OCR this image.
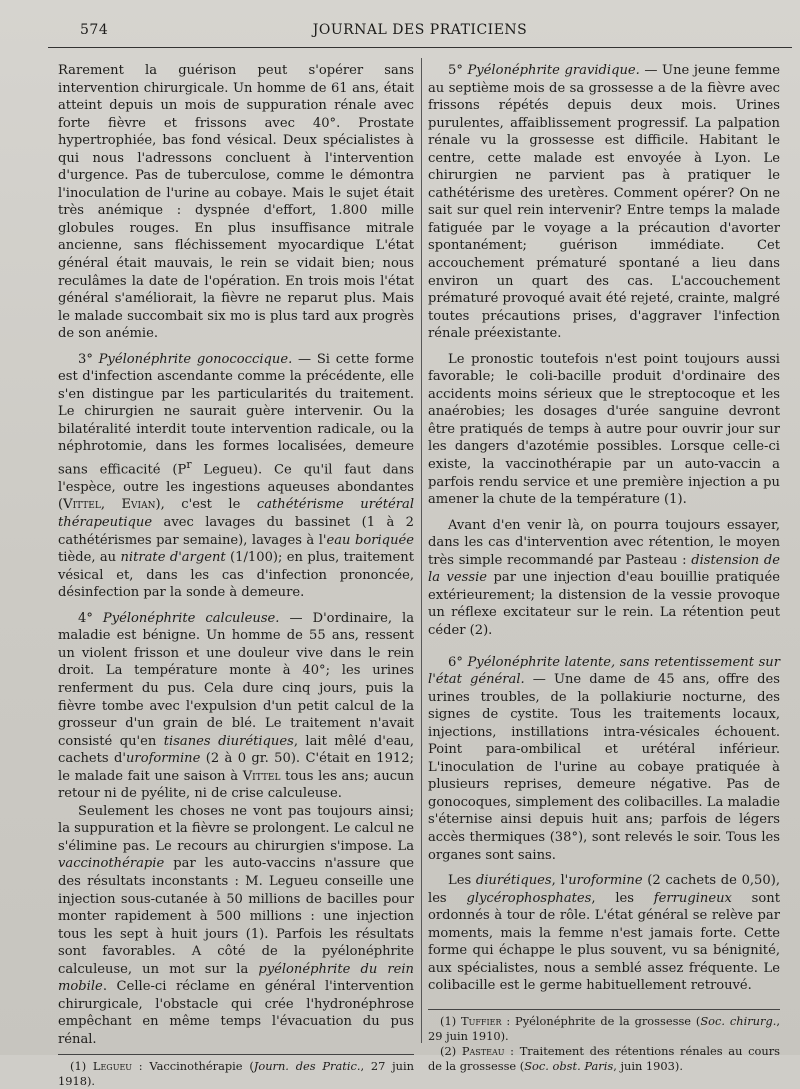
574	JOURNAL DES PRATICIENS

Rarement la guérison peut s'opérer sans intervention chirurgicale. Un homme de 61 ans, était atteint depuis un mois de suppuration rénale avec forte fièvre et frissons avec 40°. Prostate hypertrophiée, bas fond vésical. Deux spécialistes à qui nous l'adressons concluent à l'intervention d'urgence. Pas de tuberculose, comme le démontra l'inoculation de l'urine au cobaye. Mais le sujet était très anémique : dyspnée d'effort, 1.800 mille globules rouges. En plus insuffisance mitrale ancienne, sans fléchissement myocardique L'état général était mauvais, le rein se vidait bien; nous reculâmes la date de l'opération. En trois mois l'état général s'améliorait, la fièvre ne reparut plus. Mais le malade succombait six mo is plus tard aux progrès de son anémie.

3° Pyélonéphrite gonococcique. — Si cette forme est d'infection ascendante comme la précédente, elle s'en distingue par les particularités du traitement. Le chirurgien ne saurait guère intervenir. Ou la bilatéralité interdit toute intervention radicale, ou la néphrotomie, dans les formes localisées, demeure sans efficacité ($P^r$ Legueu). Ce qu'il faut dans l'espèce, outre les ingestions aqueuses abondantes (Vittel, Evian), c'est le cathétérisme urétéral thérapeutique avec lavages du bassinet (1 à 2 cathétérismes par semaine), lavages à l'eau boriquée tiède, au nitrate d'argent (1/100); en plus, traitement vésical et, dans les cas d'infection prononcée, désinfection par la sonde à demeure.

4° Pyélonéphrite calculeuse. — D'ordinaire, la maladie est bénigne. Un homme de 55 ans, ressent un violent frisson et une douleur vive dans le rein droit. La température monte à 40°; les urines renferment du pus. Cela dure cinq jours, puis la fièvre tombe avec l'expulsion d'un petit calcul de la grosseur d'un grain de blé. Le traitement n'avait consisté qu'en tisanes diurétiques, lait mêlé d'eau, cachets d'uroformine (2 à 0 gr. 50). C'était en 1912; le malade fait une saison à Vittel tous les ans; aucun retour ni de pyélite, ni de crise calculeuse.

Seulement les choses ne vont pas toujours ainsi; la suppuration et la fièvre se prolongent. Le calcul ne s'élimine pas. Le recours au chirurgien s'impose. La vaccinothérapie par les auto-vaccins n'assure que des résultats inconstants : M. Legueu conseille une injection sous-cutanée à 50 millions de bacilles pour monter rapidement à 500 millions : une injection tous les sept à huit jours (1). Parfois les résultats sont favorables. A côté de la pyélonéphrite calculeuse, un mot sur la pyélonéphrite du rein mobile. Celle-ci réclame en général l'intervention chirurgicale, l'obstacle qui crée l'hydronéphrose empêchant en même temps l'évacuation du pus rénal.

(1) Legueu : Vaccinothérapie (Journ. des Pratic., 27 juin 1918).

5° Pyélonéphrite gravidique. — Une jeune femme au septième mois de sa grossesse a de la fièvre avec frissons répétés depuis deux mois. Urines purulentes, affaiblissement progressif. La palpation rénale vu la grossesse est difficile. Habitant le centre, cette malade est envoyée à Lyon. Le chirurgien ne parvient pas à pratiquer le cathétérisme des uretères. Comment opérer? On ne sait sur quel rein intervenir? Entre temps la malade fatiguée par le voyage a la précaution d'avorter spontanément; guérison immédiate. Cet accouchement prématuré spontané a lieu dans environ un quart des cas. L'accouchement prématuré provoqué avait été rejeté, crainte, malgré toutes précautions prises, d'aggraver l'infection rénale préexistante.

Le pronostic toutefois n'est point toujours aussi favorable; le coli-bacille produit d'ordinaire des accidents moins sérieux que le streptocoque et les anaérobies; les dosages d'urée sanguine devront être pratiqués de temps à autre pour ouvrir jour sur les dangers d'azotémie possibles. Lorsque celle-ci existe, la vaccinothérapie par un auto-vaccin a parfois rendu service et une première injection a pu amener la chute de la température (1).

Avant d'en venir là, on pourra toujours essayer, dans les cas d'intervention avec rétention, le moyen très simple recommandé par Pasteau : distension de la vessie par une injection d'eau bouillie pratiquée extérieurement; la distension de la vessie provoque un réflexe excitateur sur le rein. La rétention peut céder (2).

6° Pyélonéphrite latente, sans retentissement sur l'état général. — Une dame de 45 ans, offre des urines troubles, de la pollakiurie nocturne, des signes de cystite. Tous les traitements locaux, injections, instillations intra-vésicales échouent. Point para-ombilical et urétéral inférieur. L'inoculation de l'urine au cobaye pratiquée à plusieurs reprises, demeure négative. Pas de gonocoques, simplement des colibacilles. La maladie s'éternise ainsi depuis huit ans; parfois de légers accès thermiques (38°), sont relevés le soir. Tous les organes sont sains.

Les diurétiques, l'uroformine (2 cachets de 0,50), les glycérophosphates, les ferrugineux sont ordonnés à tour de rôle. L'état général se relève par moments, mais la femme n'est jamais forte. Cette forme qui échappe le plus souvent, vu sa bénignité, aux spécialistes, nous a semblé assez fréquente. Le colibacille est le germe habituellement retrouvé.

(1) Tuffier : Pyélonéphrite de la grossesse (Soc. chirurg., 29 juin 1910).

(2) Pasteau : Traitement des rétentions rénales au cours de la grossesse (Soc. obst. Paris, juin 1903).
